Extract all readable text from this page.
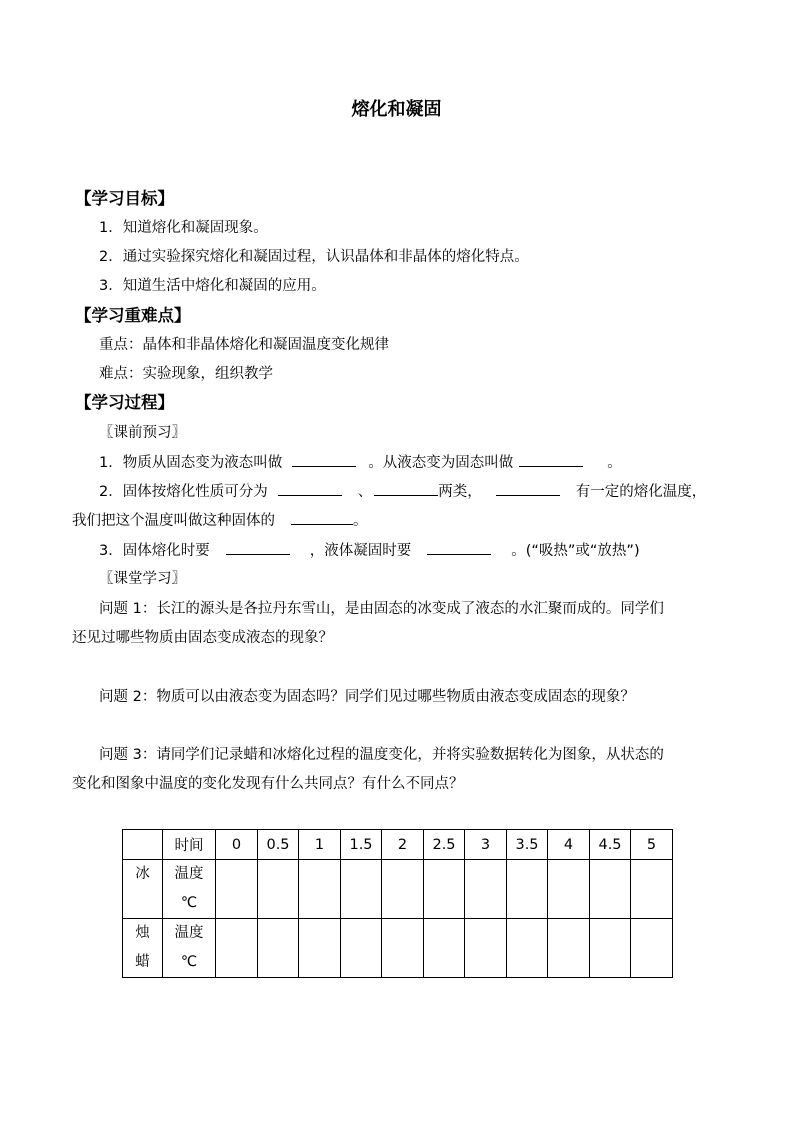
熔化和凝固
【学习目标】
1．知道熔化和凝固现象。
2．通过实验探究熔化和凝固过程，认识晶体和非晶体的熔化特点。
3．知道生活中熔化和凝固的应用。
【学习重难点】
重点：晶体和非晶体熔化和凝固温度变化规律
难点：实验现象，组织教学
【学习过程】
〖课前预习〗
1．物质从固态变为液态叫做	。从液态变为固态叫做	。
2．固体按熔化性质可分为	、	两类，	有一定的熔化温度，
我们把这个温度叫做这种固体的	。
3．固体熔化时要	，液体凝固时要	。(“吸热”或“放热”)
〖课堂学习〗
问题 1：长江的源头是各拉丹东雪山，是由固态的冰变成了液态的水汇聚而成的。同学们
还见过哪些物质由固态变成液态的现象？
问题 2：物质可以由液态变为固态吗？同学们见过哪些物质由液态变成固态的现象？
问题 3：请同学们记录蜡和冰熔化过程的温度变化，并将实验数据转化为图象，从状态的
变化和图象中温度的变化发现有什么共同点？有什么不同点？
	时间	0	0.5	1	1.5	2	2.5	3	3.5	4	4.5	5

冰	温度
℃											

烛
蜡	温度
℃											
